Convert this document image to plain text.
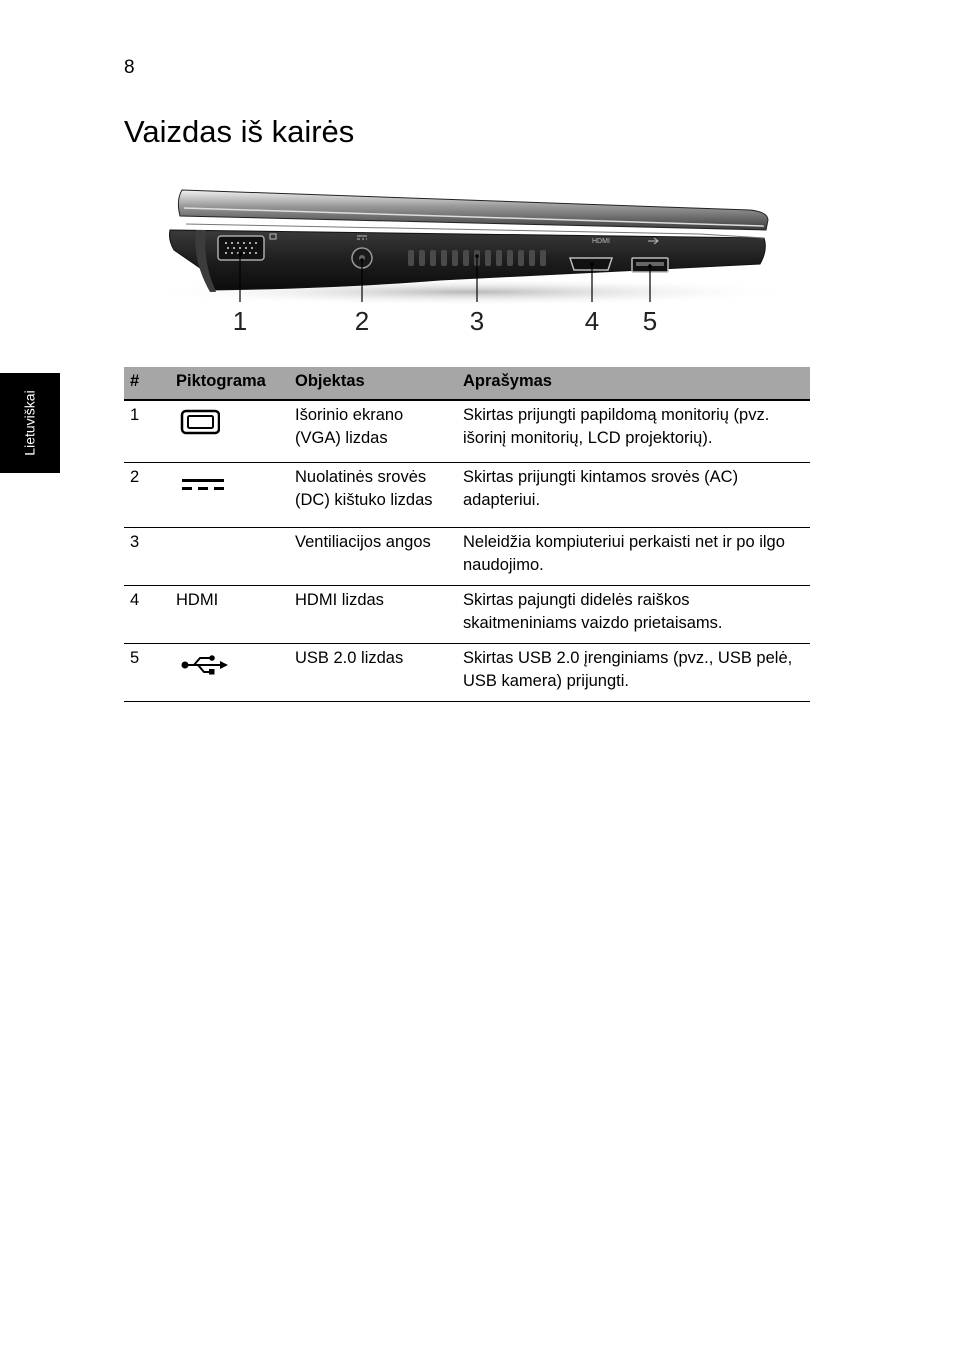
8
Vaizdas iš kairės
Lietuviškai
HDMI
1	2	3	4 5
#	Piktograma	Objektas	Aprašymas
1		Išorinio ekrano (VGA) lizdas	Skirtas prijungti papildomą monitorių (pvz. išorinį monitorių, LCD projektorių).
2		Nuolatinės srovės (DC) kištuko lizdas	Skirtas prijungti kintamos srovės (AC) adapteriui.
3		Ventiliacijos angos	Neleidžia kompiuteriui perkaisti net ir po ilgo naudojimo.
4	HDMI	HDMI lizdas	Skirtas pajungti didelės raiškos skaitmeniniams vaizdo prietaisams.
5		USB 2.0 lizdas	Skirtas USB 2.0 įrenginiams (pvz., USB pelė, USB kamera) prijungti.
